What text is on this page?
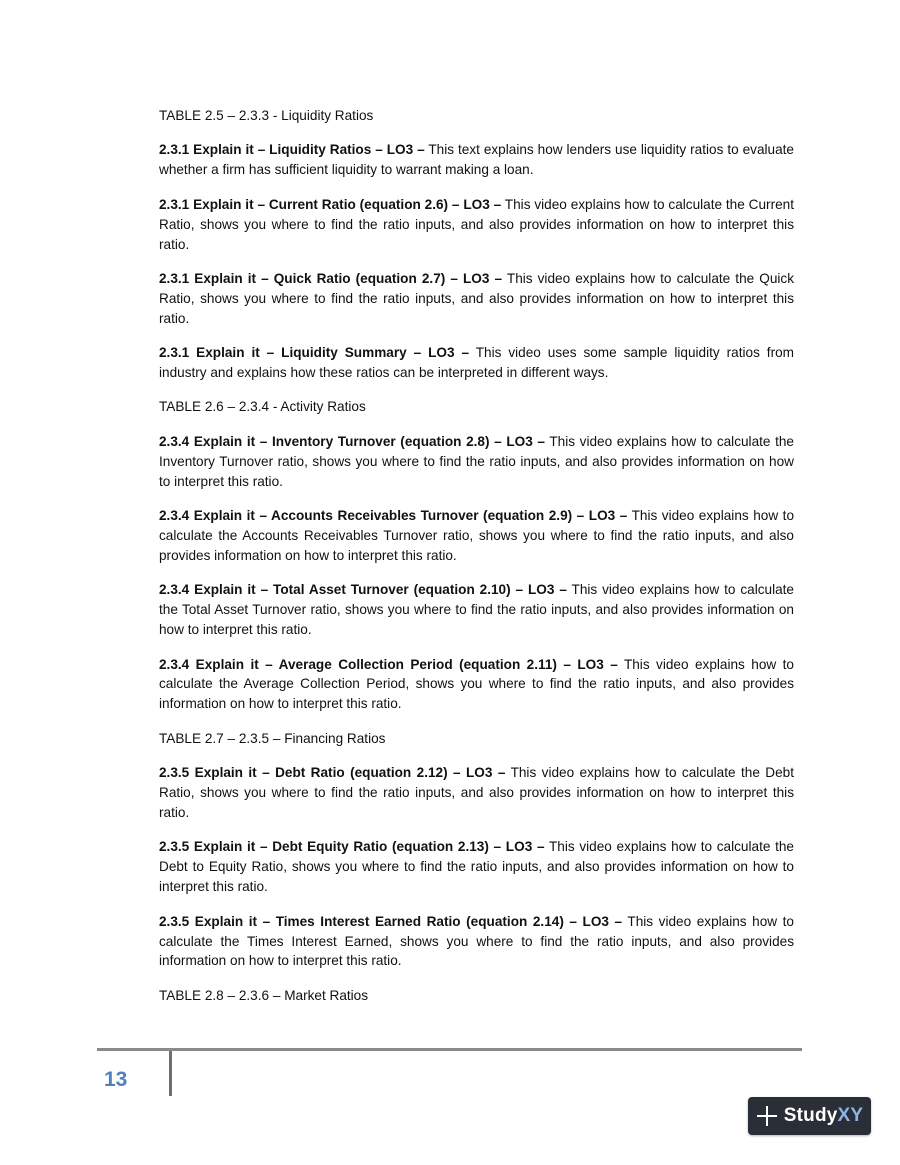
TABLE 2.5 – 2.3.3 - Liquidity Ratios

2.3.1 Explain it – Liquidity Ratios – LO3 – This text explains how lenders use liquidity ratios to evaluate whether a firm has sufficient liquidity to warrant making a loan.

2.3.1 Explain it – Current Ratio (equation 2.6) – LO3 – This video explains how to calculate the Current Ratio, shows you where to find the ratio inputs, and also provides information on how to interpret this ratio.

2.3.1 Explain it – Quick Ratio (equation 2.7) – LO3 – This video explains how to calculate the Quick Ratio, shows you where to find the ratio inputs, and also provides information on how to interpret this ratio.

2.3.1 Explain it – Liquidity Summary – LO3 – This video uses some sample liquidity ratios from industry and explains how these ratios can be interpreted in different ways.

TABLE 2.6 – 2.3.4 - Activity Ratios

2.3.4 Explain it – Inventory Turnover (equation 2.8) – LO3 – This video explains how to calculate the Inventory Turnover ratio, shows you where to find the ratio inputs, and also provides information on how to interpret this ratio.

2.3.4 Explain it – Accounts Receivables Turnover (equation 2.9) – LO3 – This video explains how to calculate the Accounts Receivables Turnover ratio, shows you where to find the ratio inputs, and also provides information on how to interpret this ratio.

2.3.4 Explain it – Total Asset Turnover (equation 2.10) – LO3 – This video explains how to calculate the Total Asset Turnover ratio, shows you where to find the ratio inputs, and also provides information on how to interpret this ratio.

2.3.4 Explain it – Average Collection Period (equation 2.11) – LO3 – This video explains how to calculate the Average Collection Period, shows you where to find the ratio inputs, and also provides information on how to interpret this ratio.

TABLE 2.7 – 2.3.5 – Financing Ratios

2.3.5 Explain it – Debt Ratio (equation 2.12) – LO3 – This video explains how to calculate the Debt Ratio, shows you where to find the ratio inputs, and also provides information on how to interpret this ratio.

2.3.5 Explain it – Debt Equity Ratio (equation 2.13) – LO3 – This video explains how to calculate the Debt to Equity Ratio, shows you where to find the ratio inputs, and also provides information on how to interpret this ratio.

2.3.5 Explain it – Times Interest Earned Ratio (equation 2.14) – LO3 – This video explains how to calculate the Times Interest Earned, shows you where to find the ratio inputs, and also provides information on how to interpret this ratio.

TABLE 2.8 – 2.3.6 – Market Ratios

13
StudyXY
